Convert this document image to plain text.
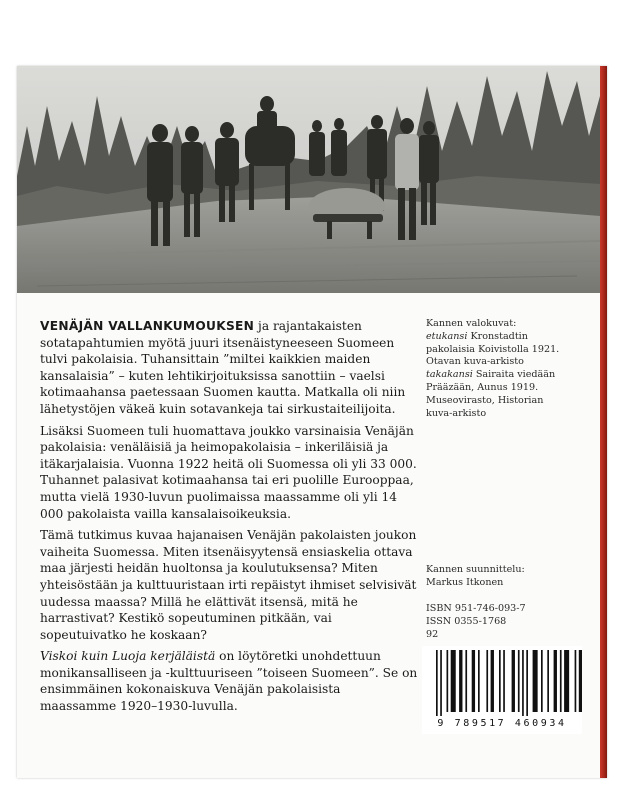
VENÄJÄN VALLANKUMOUKSEN ja rajantakaisten sotatapahtumien myötä juuri itsenäistyneeseen Suomeen tulvi pakolaisia. Tuhansittain ”miltei kaikkien maiden kansalaisia” – kuten lehtikirjoituksissa sanottiin – vaelsi kotimaahansa paetessaan Suomen kautta. Matkalla oli niin lähetystöjen väkeä kuin sotavankeja tai sirkustaiteilijoita.

Lisäksi Suomeen tuli huomattava joukko varsinaisia Venäjän pakolaisia: venäläisiä ja heimopakolaisia – inkeriläisiä ja itäkarjalaisia. Vuonna 1922 heitä oli Suomessa oli yli 33 000. Tuhannet palasivat kotimaahansa tai eri puolille Eurooppaa, mutta vielä 1930-luvun puolimaissa maassamme oli yli 14 000 pakolaista vailla kansalaisoikeuksia.

Tämä tutkimus kuvaa hajanaisen Venäjän pakolaisten joukon vaiheita Suomessa. Miten itsenäisyytensä ensiaskelia ottava maa järjesti heidän huoltonsa ja koulutuksensa? Miten yhteisöstään ja kulttuuristaan irti repäistyt ihmiset selvisivät uudessa maassa? Millä he elättivät itsensä, mitä he harrastivat? Kestikö sopeutuminen pitkään, vai sopeutuivatko he koskaan?

Viskoi kuin Luoja kerjäläistä on löytöretki unohdettuun monikansalliseen ja -kulttuuriseen ”toiseen Suomeen”. Se on ensimmäinen kokonaiskuva Venäjän pakolaisista maassamme 1920–1930-luvulla.

Kannen valokuvat:
etukansi Kronstadtin
pakolaisia Koivistolla 1921.
Otavan kuva-arkisto
takakansi Sairaita viedään
Prääzään, Aunus 1919.
Museovirasto, Historian
kuva-arkisto
Kannen suunnittelu:
Markus Itkonen
ISBN 951-746-093-7
ISSN 0355-1768
92
9 789517 460934
